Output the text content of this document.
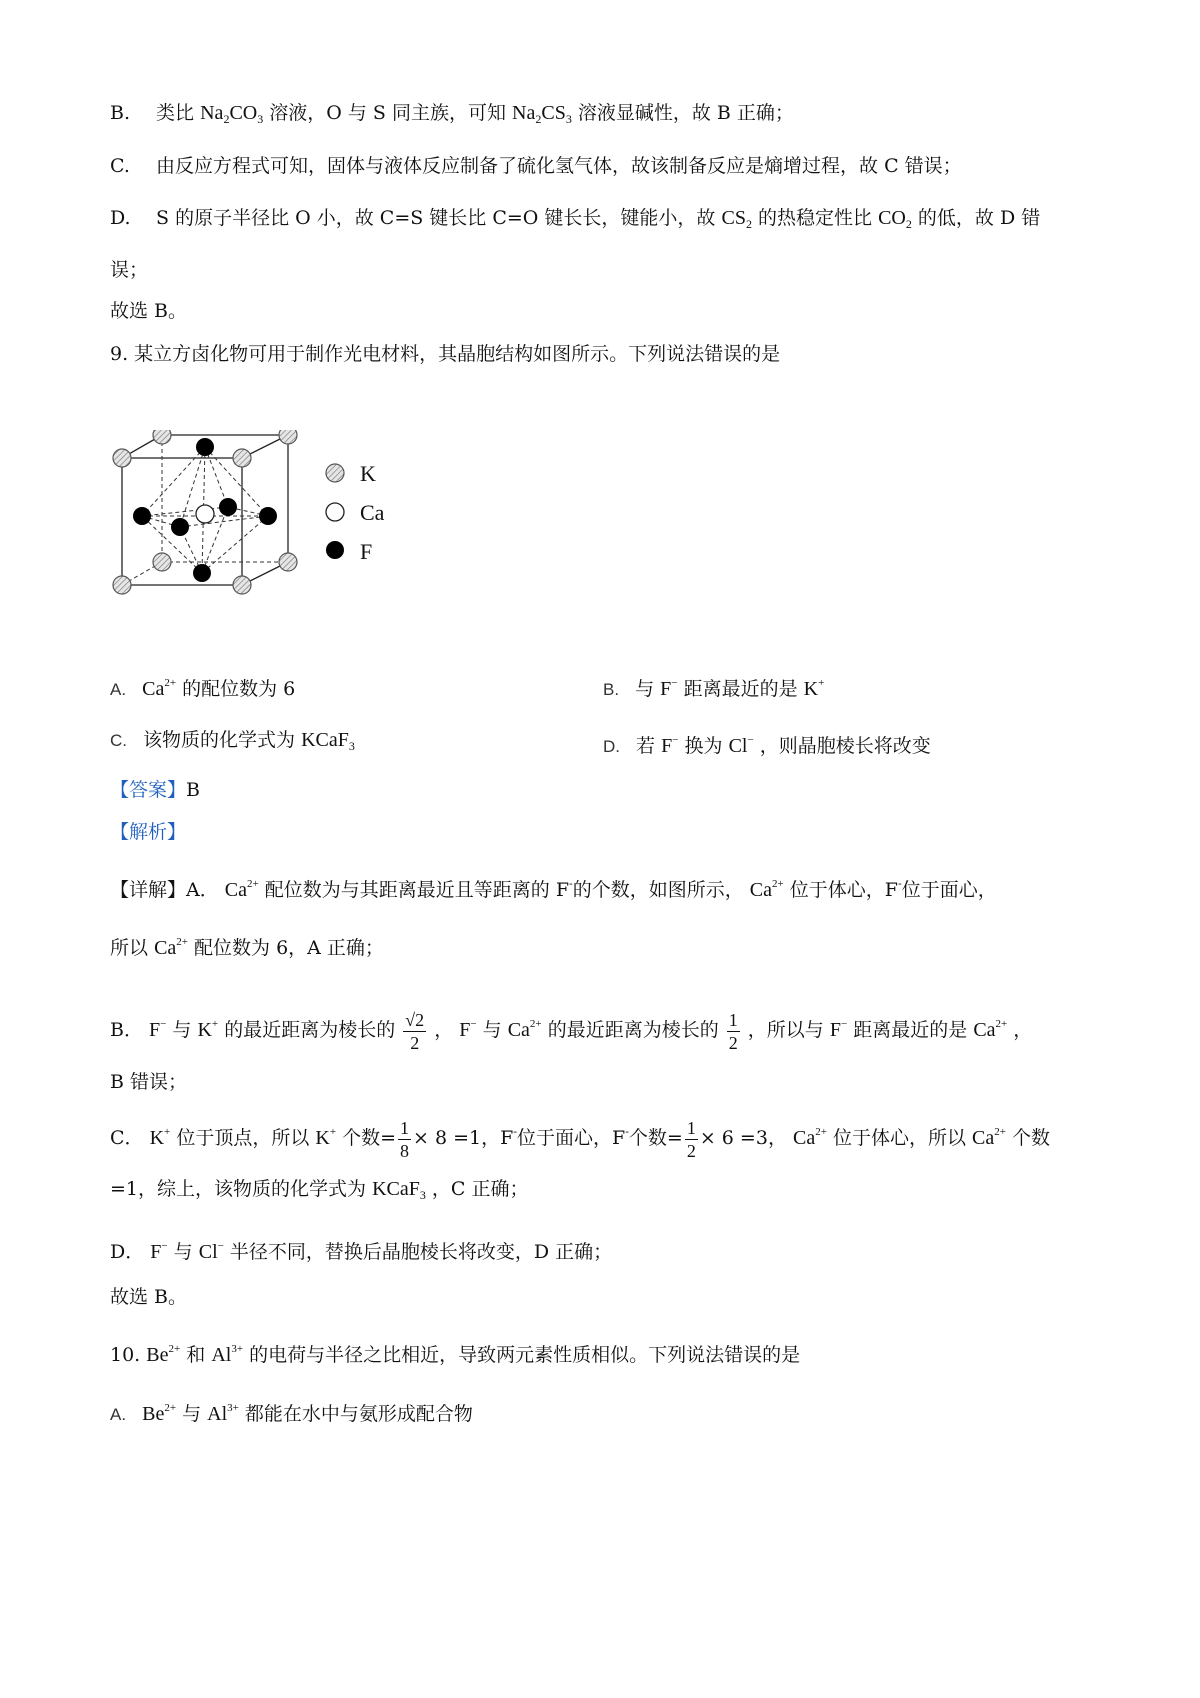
B. 类比 $Na_2CO_3$ 溶液，O 与 S 同主族，可知 $Na_2CS_3$ 溶液显碱性，故 B 正确；
C. 由反应方程式可知，固体与液体反应制备了硫化氢气体，故该制备反应是熵增过程，故 C 错误；
D. S 的原子半径比 O 小，故 C=S 键长比 C=O 键长长，键能小，故 $CS_2$ 的热稳定性比 $CO_2$ 的低，故 D 错
误；
故选 B。
9. 某立方卤化物可用于制作光电材料，其晶胞结构如图所示。下列说法错误的是
K
Ca
F
A. $Ca^{2+}$ 的配位数为 6	B. 与 F− 距离最近的是 K+
C. 该物质的化学式为 KCaF$_3$	D. 若 F− 换为 Cl− ，则晶胞棱长将改变
【答案】B
【解析】
【详解】A． $Ca^{2+}$ 配位数为与其距离最近且等距离的 F-的个数，如图所示， $Ca^{2+}$ 位于体心，F-位于面心，
所以 $Ca^{2+}$ 配位数为 6，A 正确；
B． F− 与 K+ 的最近距离为棱长的 $\frac{√2}{2}$ ， F− 与 $Ca^{2+}$ 的最近距离为棱长的 $\frac{1}{2}$ ，所以与 F− 距离最近的是 $Ca^{2+}$ ，
B 错误；
C． K+ 位于顶点，所以 K+ 个数= $\frac{1}{8} \times 8 =1$，F-位于面心，F-个数= $\frac{1}{2} \times 6 =3$， $Ca^{2+}$ 位于体心，所以 $Ca^{2+}$ 个数
=1，综上，该物质的化学式为 KCaF$_3$ ，C 正确；
D． F− 与 Cl− 半径不同，替换后晶胞棱长将改变，D 正确；
故选 B。
10. $Be^{2+}$ 和 $Al^{3+}$ 的电荷与半径之比相近，导致两元素性质相似。下列说法错误的是
A. $Be^{2+}$ 与 $Al^{3+}$ 都能在水中与氨形成配合物
